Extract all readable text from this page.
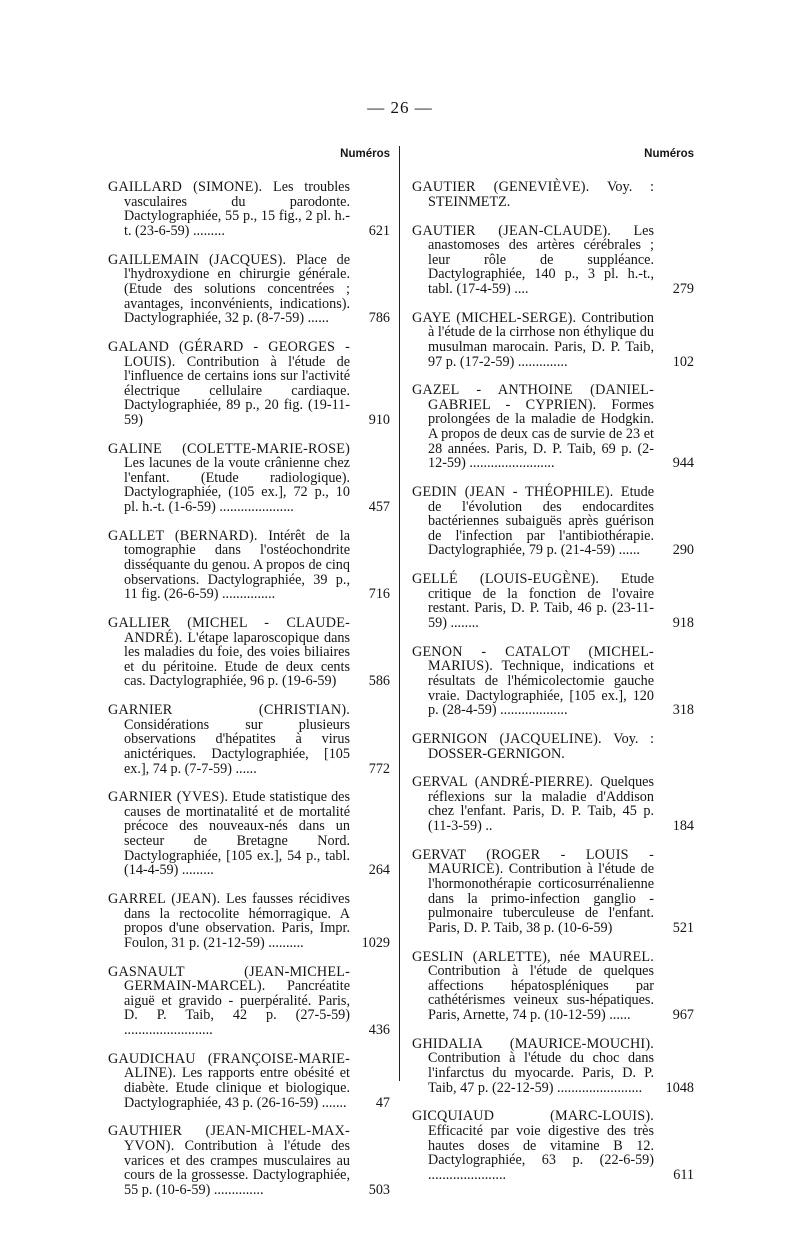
— 26 —
Numéros

GAILLARD (SIMONE). Les troubles vasculaires du parodonte. Dactylographiée, 55 p., 15 fig., 2 pl. h.-t. (23-6-59) .........	621

GAILLEMAIN (JACQUES). Place de l'hydroxydione en chirurgie générale. (Etude des solutions concentrées ; avantages, inconvénients, indications). Dactylographiée, 32 p. (8-7-59) ......	786

GALAND (GÉRARD - GEORGES - LOUIS). Contribution à l'étude de l'influence de certains ions sur l'activité électrique cellulaire cardiaque. Dactylographiée, 89 p., 20 fig. (19-11-59)	910

GALINE (COLETTE-MARIE-ROSE) Les lacunes de la voute crânienne chez l'enfant. (Etude radiologique). Dactylographiée, (105 ex.], 72 p., 10 pl. h.-t. (1-6-59) .....................	457

GALLET (BERNARD). Intérêt de la tomographie dans l'ostéochondrite disséquante du genou. A propos de cinq observations. Dactylographiée, 39 p., 11 fig. (26-6-59) ...............	716

GALLIER (MICHEL - CLAUDE-ANDRÉ). L'étape laparoscopique dans les maladies du foie, des voies biliaires et du péritoine. Etude de deux cents cas. Dactylographiée, 96 p. (19-6-59)	586

GARNIER (CHRISTIAN). Considérations sur plusieurs observations d'hépatites à virus anictériques. Dactylographiée, [105 ex.], 74 p. (7-7-59) ......	772

GARNIER (YVES). Etude statistique des causes de mortinatalité et de mortalité précoce des nouveaux-nés dans un secteur de Bretagne Nord. Dactylographiée, [105 ex.], 54 p., tabl. (14-4-59) .........	264

GARREL (JEAN). Les fausses récidives dans la rectocolite hémorragique. A propos d'une observation. Paris, Impr. Foulon, 31 p. (21-12-59) ..........	1029

GASNAULT (JEAN-MICHEL-GERMAIN-MARCEL). Pancréatite aiguë et gravido - puerpéralité. Paris, D. P. Taib, 42 p. (27-5-59) .........................	436

GAUDICHAU (FRANÇOISE-MARIE-ALINE). Les rapports entre obésité et diabète. Etude clinique et biologique. Dactylographiée, 43 p. (26-16-59) .......	47

GAUTHIER (JEAN-MICHEL-MAX-YVON). Contribution à l'étude des varices et des crampes musculaires au cours de la grossesse. Dactylographiée, 55 p. (10-6-59) ..............	503

Numéros

GAUTIER (GENEVIÈVE). Voy. : STEINMETZ.

GAUTIER (JEAN-CLAUDE). Les anastomoses des artères cérébrales ; leur rôle de suppléance. Dactylographiée, 140 p., 3 pl. h.-t., tabl. (17-4-59) ....	279

GAYE (MICHEL-SERGE). Contribution à l'étude de la cirrhose non éthylique du musulman marocain. Paris, D. P. Taib, 97 p. (17-2-59) ..............	102

GAZEL - ANTHOINE (DANIEL-GABRIEL - CYPRIEN). Formes prolongées de la maladie de Hodgkin. A propos de deux cas de survie de 23 et 28 années. Paris, D. P. Taib, 69 p. (2-12-59) ........................	944

GEDIN (JEAN - THÉOPHILE). Etude de l'évolution des endocardites bactériennes subaiguës après guérison de l'infection par l'antibiothérapie. Dactylographiée, 79 p. (21-4-59) ......	290

GELLÉ (LOUIS-EUGÈNE). Etude critique de la fonction de l'ovaire restant. Paris, D. P. Taib, 46 p. (23-11-59) ........	918

GENON - CATALOT (MICHEL-MARIUS). Technique, indications et résultats de l'hémicolectomie gauche vraie. Dactylographiée, [105 ex.], 120 p. (28-4-59) ...................	318

GERNIGON (JACQUELINE). Voy. : DOSSER-GERNIGON.

GERVAL (ANDRÉ-PIERRE). Quelques réflexions sur la maladie d'Addison chez l'enfant. Paris, D. P. Taib, 45 p. (11-3-59) ..	184

GERVAT (ROGER - LOUIS - MAURICE). Contribution à l'étude de l'hormonothérapie corticosurrénalienne dans la primo-infection ganglio - pulmonaire tuberculeuse de l'enfant. Paris, D. P. Taib, 38 p. (10-6-59)	521

GESLIN (ARLETTE), née MAUREL. Contribution à l'étude de quelques affections hépatospléniques par cathétérismes veineux sus-hépatiques. Paris, Arnette, 74 p. (10-12-59) ......	967

GHIDALIA (MAURICE-MOUCHI). Contribution à l'étude du choc dans l'infarctus du myocarde. Paris, D. P. Taib, 47 p. (22-12-59) ........................	1048

GICQUIAUD (MARC-LOUIS). Efficacité par voie digestive des très hautes doses de vitamine B 12. Dactylographiée, 63 p. (22-6-59) ......................	611
